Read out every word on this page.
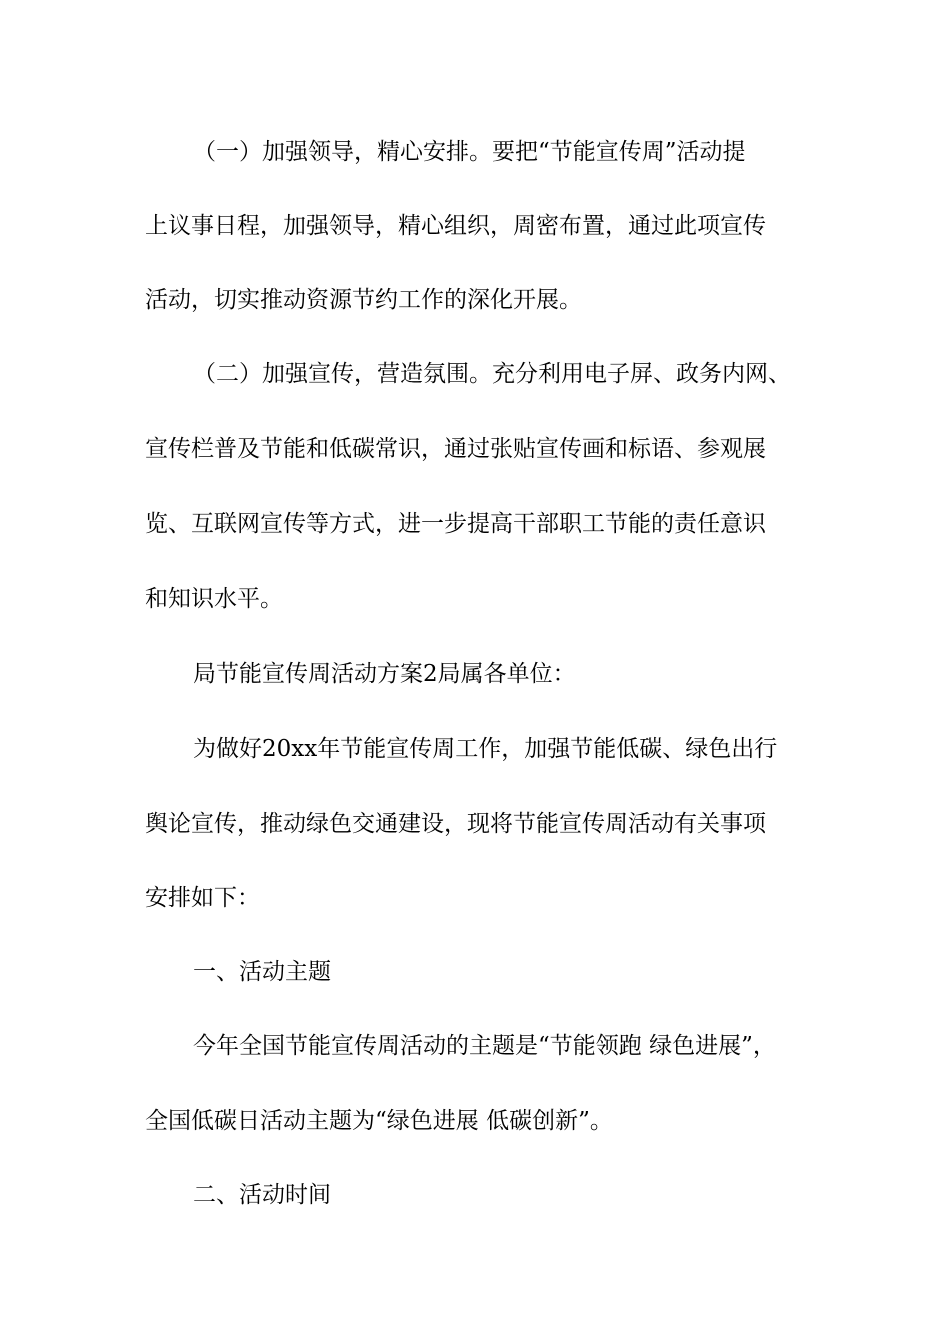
（一）加强领导，精心安排。要把“节能宣传周”活动提
上议事日程，加强领导，精心组织，周密布置，通过此项宣传
活动，切实推动资源节约工作的深化开展。
（二）加强宣传，营造氛围。充分利用电子屏、政务内网、
宣传栏普及节能和低碳常识，通过张贴宣传画和标语、参观展
览、互联网宣传等方式，进一步提高干部职工节能的责任意识
和知识水平。
局节能宣传周活动方案2局属各单位：
为做好20xx年节能宣传周工作，加强节能低碳、绿色出行
舆论宣传，推动绿色交通建设，现将节能宣传周活动有关事项
安排如下：
一、活动主题
今年全国节能宣传周活动的主题是“节能领跑 绿色进展”，
全国低碳日活动主题为“绿色进展 低碳创新”。
二、活动时间
